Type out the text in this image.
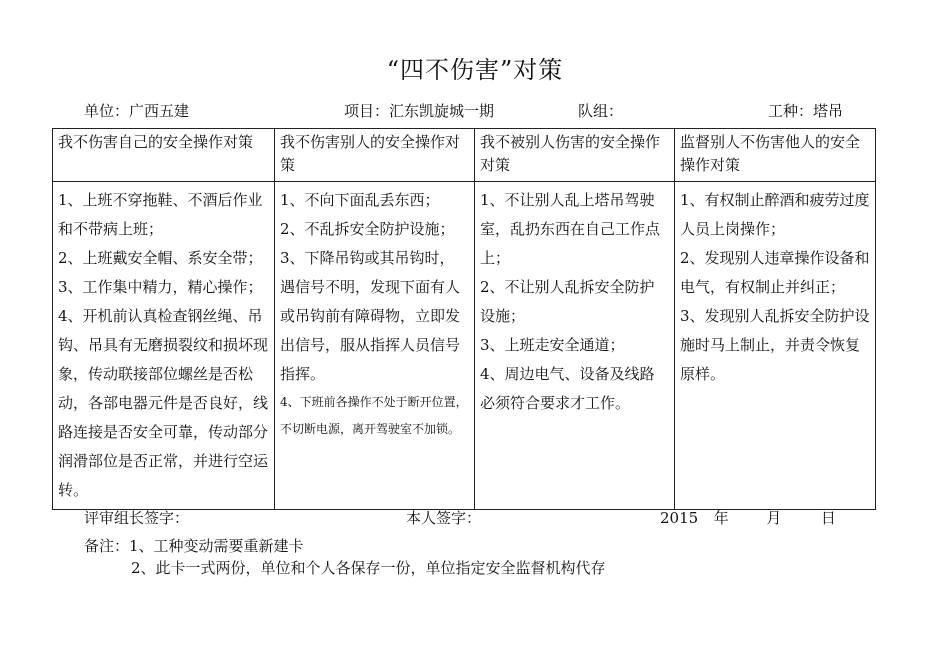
“四不伤害”对策
单位：广西五建	项目：汇东凯旋城一期	队组：	工种：塔吊
我不伤害自己的安全操作对策	我不伤害别人的安全操作对策	我不被别人伤害的安全操作对策	监督别人不伤害他人的安全操作对策

1、上班不穿拖鞋、不酒后作业和不带病上班；
2、上班戴安全帽、系安全带；
3、工作集中精力，精心操作；
4、开机前认真检查钢丝绳、吊钩、吊具有无磨损裂纹和损坏现象，传动联接部位螺丝是否松动，各部电器元件是否良好，线路连接是否安全可靠，传动部分润滑部位是否正常，并进行空运转。	1、不向下面乱丢东西；
2、不乱拆安全防护设施；
3、下降吊钩或其吊钩时，遇信号不明，发现下面有人或吊钩前有障碍物，立即发出信号，服从指挥人员信号指挥。
4、下班前各操作不处于断开位置，不切断电源，离开驾驶室不加锁。	1、不让别人乱上塔吊驾驶室，乱扔东西在自己工作点上；
2、不让别人乱拆安全防护设施；
3、上班走安全通道；
4、周边电气、设备及线路必须符合要求才工作。	1、有权制止醉酒和疲劳过度人员上岗操作；
2、发现别人违章操作设备和电气，有权制止并纠正；
3、发现别人乱拆安全防护设施时马上制止，并责令恢复原样。
评审组长签字：	本人签字：	2015 年	月	日
备注：1、工种变动需要重新建卡
2、此卡一式两份，单位和个人各保存一份，单位指定安全监督机构代存
